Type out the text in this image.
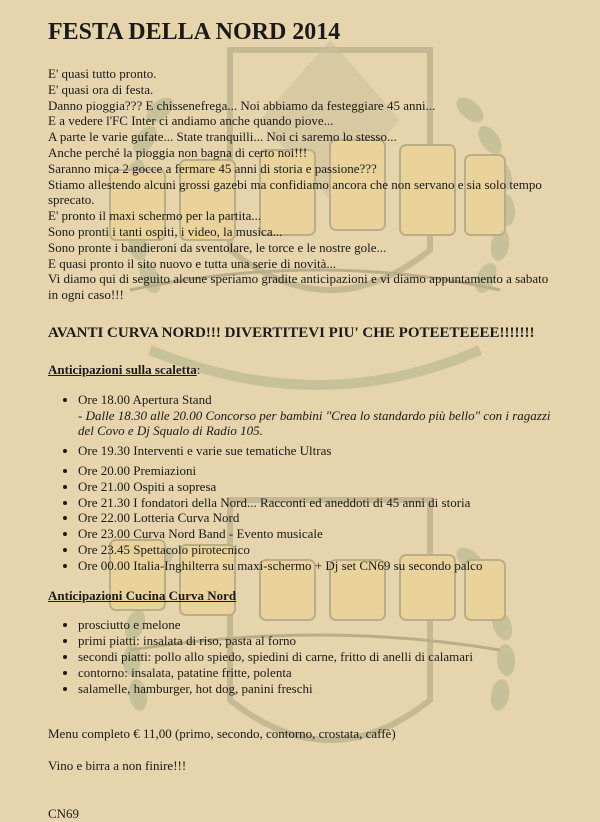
FESTA DELLA NORD 2014

E' quasi tutto pronto.

E' quasi ora di festa.

Danno pioggia??? E chissenefrega... Noi abbiamo da festeggiare 45 anni...

E a vedere l'FC Inter ci andiamo anche quando piove...

A parte le varie gufate... State tranquilli... Noi ci saremo lo stesso...

Anche perché la pioggia non bagna di certo noi!!!

Saranno mica 2 gocce a fermare 45 anni di storia e passione???

Stiamo allestendo alcuni grossi gazebi ma confidiamo ancora che non servano e sia solo tempo sprecato.

E' pronto il maxi schermo per la partita...

Sono pronti i tanti ospiti, i video, la musica...

Sono pronte i bandieroni da sventolare, le torce e le nostre gole...

E quasi pronto il sito nuovo e tutta una serie di novità...

Vi diamo qui di seguito alcune speriamo gradite anticipazioni e vi diamo appuntamento a sabato in ogni caso!!!

AVANTI CURVA NORD!!! DIVERTITEVI PIU' CHE POTEETEEEE!!!!!!!
Anticipazioni sulla scaletta:
• Ore 18.00 Apertura Stand
- Dalle 18.30 alle 20.00 Concorso per bambini "Crea lo standardo più bello" con i ragazzi del Covo e Dj Squalo di Radio 105.
• Ore 19.30 Interventi e varie sue tematiche Ultras
• Ore 20.00 Premiazioni
• Ore 21.00 Ospiti a sopresa
• Ore 21.30 I fondatori della Nord... Racconti ed aneddoti di 45 anni di storia
• Ore 22.00 Lotteria Curva Nord
• Ore 23.00 Curva Nord Band - Evento musicale
• Ore 23.45 Spettacolo pirotecnico
• Ore 00.00 Italia-Inghilterra su maxi-schermo + Dj set CN69 su secondo palco
Anticipazioni Cucina Curva Nord
• prosciutto e melone
• primi piatti: insalata di riso, pasta al forno
• secondi piatti: pollo allo spiedo, spiedini di carne, fritto di anelli di calamari
• contorno: insalata, patatine fritte, polenta
• salamelle, hamburger, hot dog, panini freschi

Menu completo € 11,00 (primo, secondo, contorno, crostata, caffè)

Vino e birra a non finire!!!

CN69
